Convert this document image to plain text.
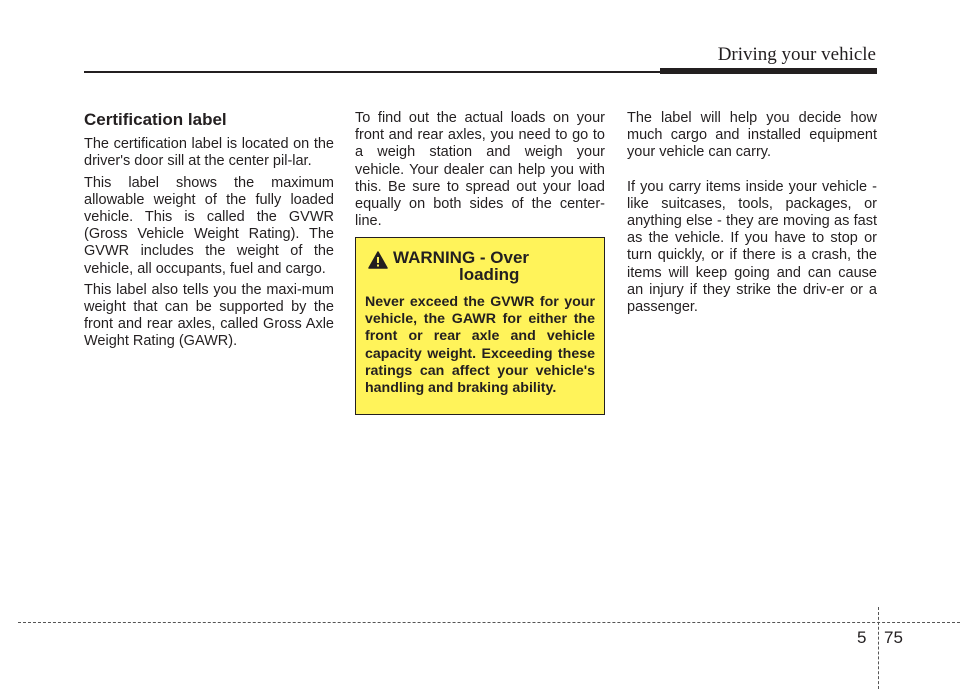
Driving your vehicle
Certification label

The certification label is located on the driver's door sill at the center pil-lar.

This label shows the maximum allowable weight of the fully loaded vehicle. This is called the GVWR (Gross Vehicle Weight Rating). The GVWR includes the weight of the vehicle, all occupants, fuel and cargo.

This label also tells you the maxi-mum weight that can be supported by the front and rear axles, called Gross Axle Weight Rating (GAWR).

To find out the actual loads on your front and rear axles, you need to go to a weigh station and weigh your vehicle. Your dealer can help you with this. Be sure to spread out your load equally on both sides of the center-line.

WARNING - Over
loading
Never exceed the GVWR for your vehicle, the GAWR for either the front or rear axle and vehicle capacity weight. Exceeding these ratings can affect your vehicle's handling and braking ability.

The label will help you decide how much cargo and installed equipment your vehicle can carry.

If you carry items inside your vehicle - like suitcases, tools, packages, or anything else - they are moving as fast as the vehicle. If you have to stop or turn quickly, or if there is a crash, the items will keep going and can cause an injury if they strike the driv-er or a passenger.

5 75
